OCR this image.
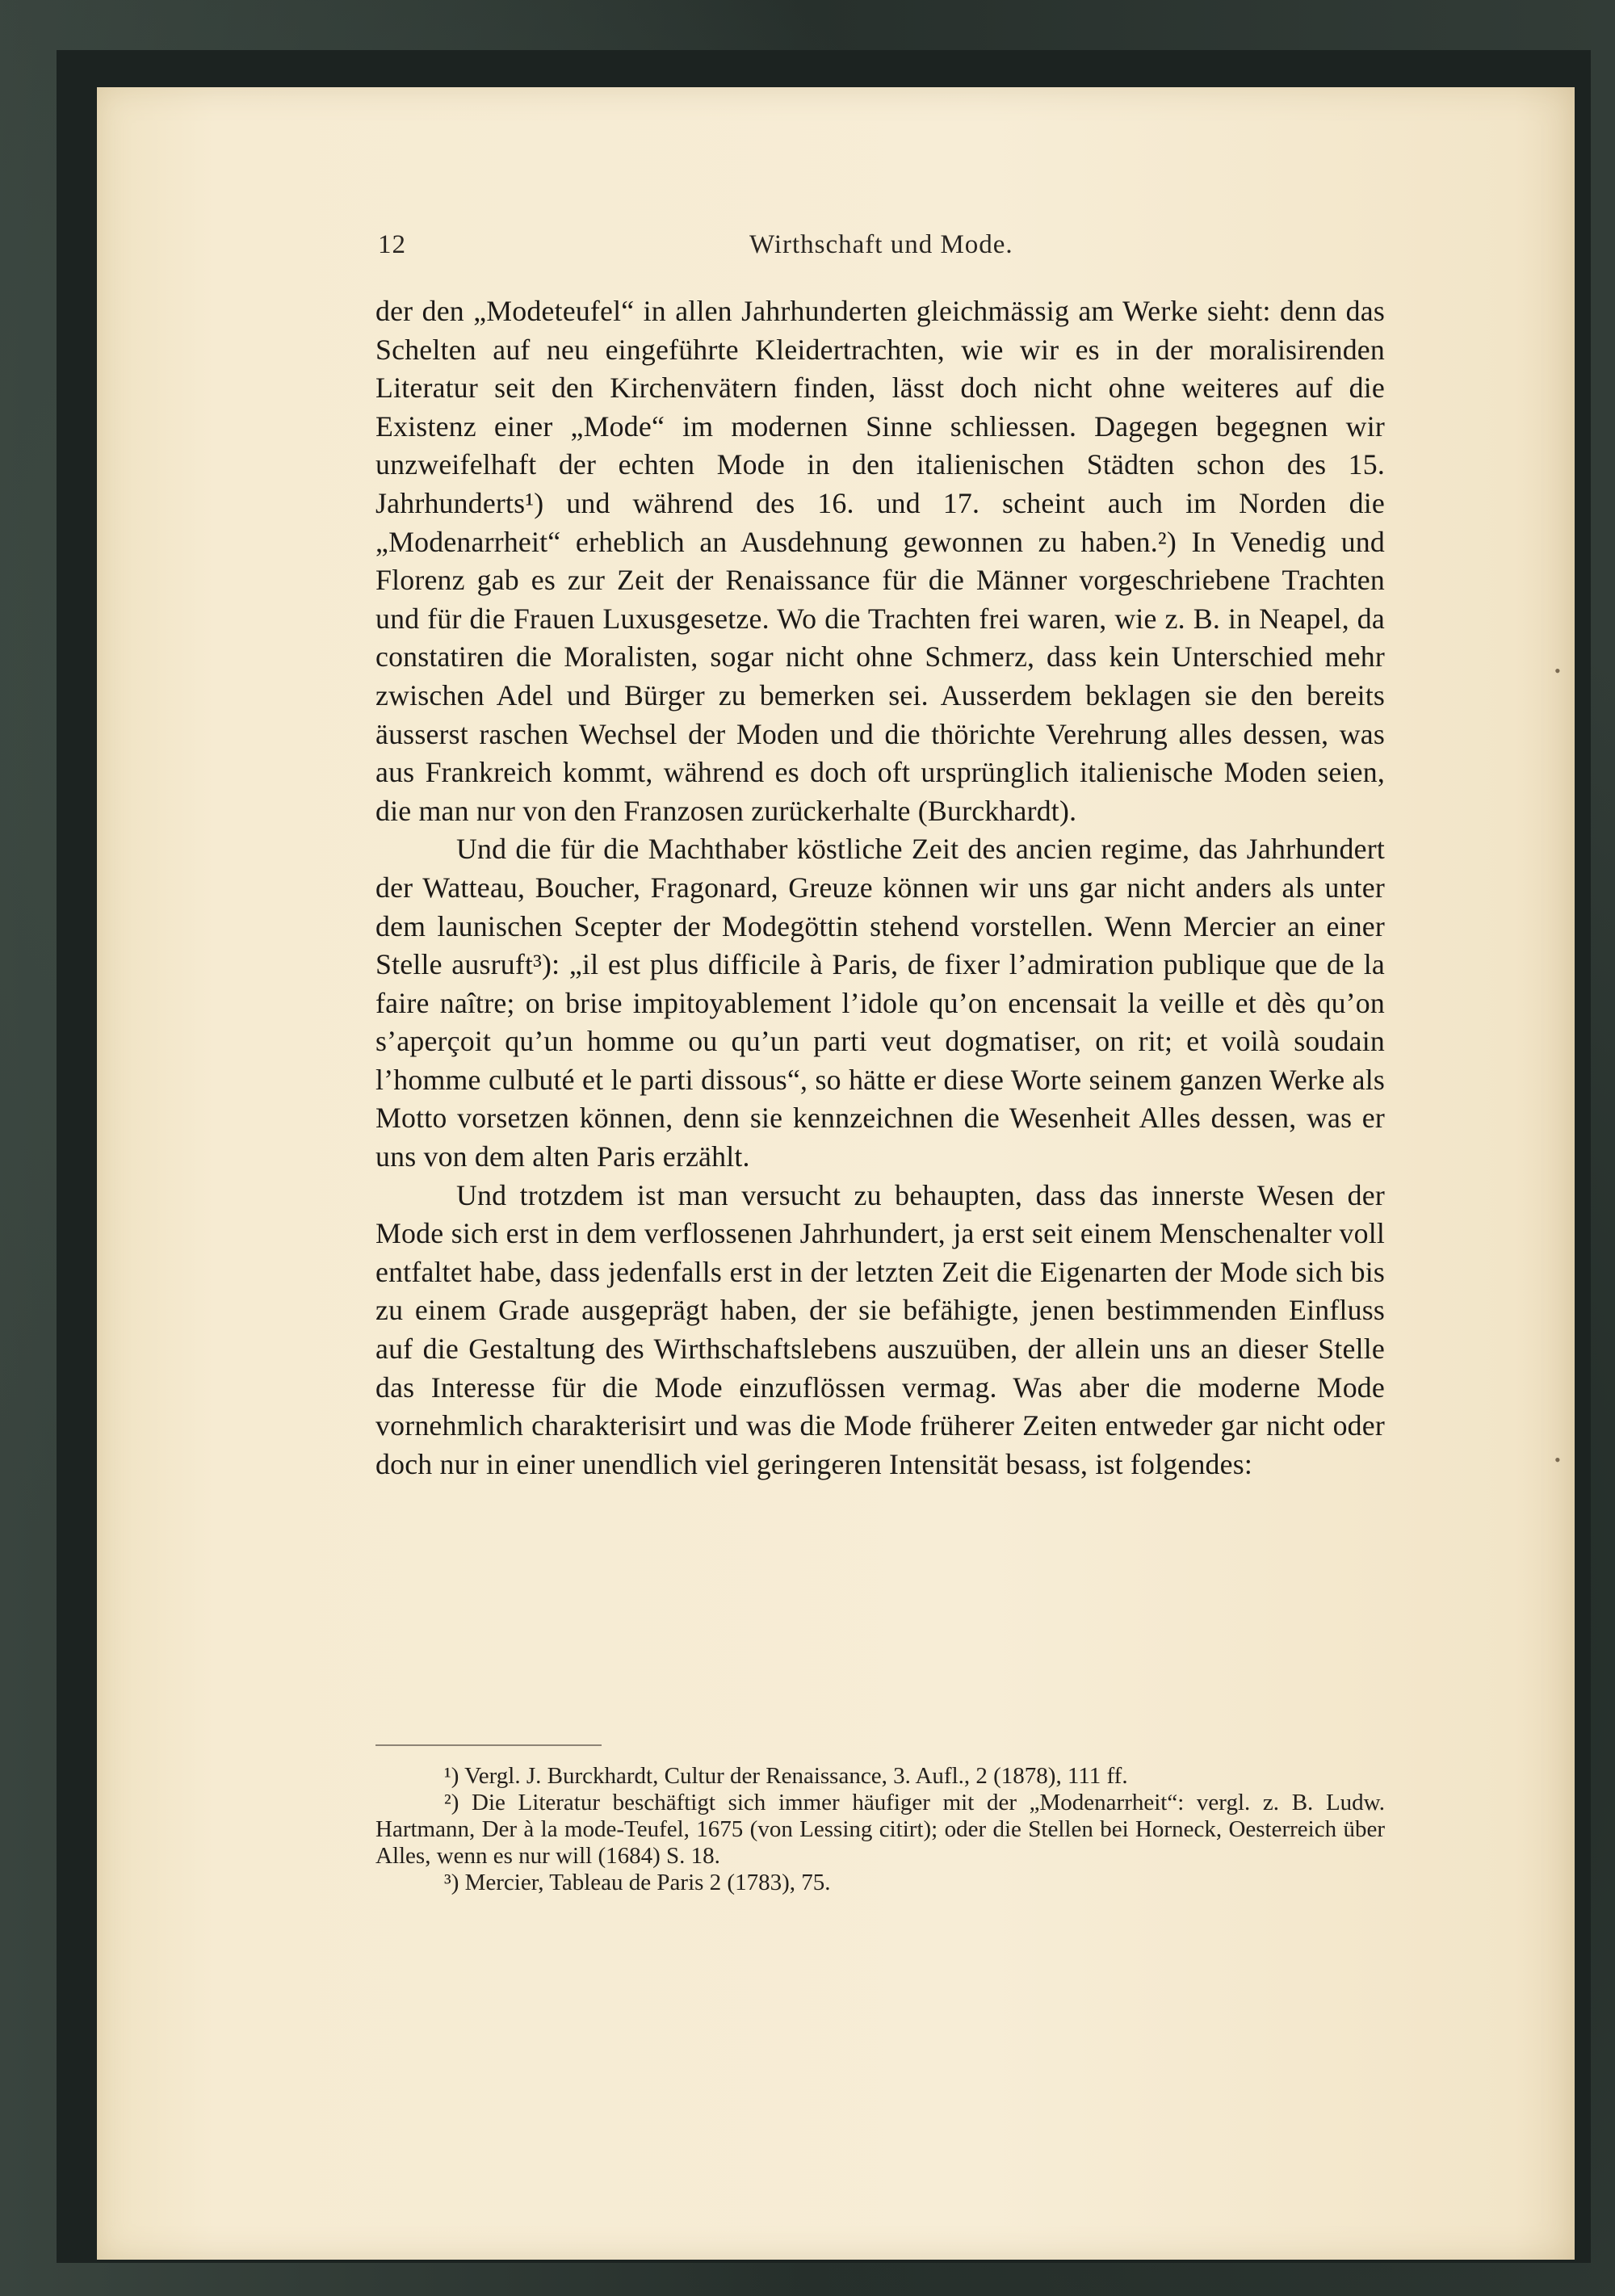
12	Wirthschaft und Mode.

der den „Modeteufel“ in allen Jahrhunderten gleichmässig am Werke sieht: denn das Schelten auf neu eingeführte Kleidertrachten, wie wir es in der moralisirenden Literatur seit den Kirchenvätern finden, lässt doch nicht ohne weiteres auf die Existenz einer „Mode“ im modernen Sinne schliessen. Dagegen begegnen wir unzweifelhaft der echten Mode in den italienischen Städten schon des 15. Jahrhunderts¹) und während des 16. und 17. scheint auch im Norden die „Modenarrheit“ erheblich an Ausdehnung gewonnen zu haben.²) In Venedig und Florenz gab es zur Zeit der Renaissance für die Männer vorgeschriebene Trachten und für die Frauen Luxusgesetze. Wo die Trachten frei waren, wie z. B. in Neapel, da constatiren die Moralisten, sogar nicht ohne Schmerz, dass kein Unterschied mehr zwischen Adel und Bürger zu bemerken sei. Ausserdem beklagen sie den bereits äusserst raschen Wechsel der Moden und die thörichte Verehrung alles dessen, was aus Frankreich kommt, während es doch oft ursprünglich italienische Moden seien, die man nur von den Franzosen zurückerhalte (Burckhardt).

Und die für die Machthaber köstliche Zeit des ancien regime, das Jahrhundert der Watteau, Boucher, Fragonard, Greuze können wir uns gar nicht anders als unter dem launischen Scepter der Modegöttin stehend vorstellen. Wenn Mercier an einer Stelle ausruft³): „il est plus difficile à Paris, de fixer l’admiration publique que de la faire naître; on brise impitoyablement l’idole qu’on encensait la veille et dès qu’on s’aperçoit qu’un homme ou qu’un parti veut dogmatiser, on rit; et voilà soudain l’homme culbuté et le parti dissous“, so hätte er diese Worte seinem ganzen Werke als Motto vorsetzen können, denn sie kennzeichnen die Wesenheit Alles dessen, was er uns von dem alten Paris erzählt.

Und trotzdem ist man versucht zu behaupten, dass das innerste Wesen der Mode sich erst in dem verflossenen Jahrhundert, ja erst seit einem Menschenalter voll entfaltet habe, dass jedenfalls erst in der letzten Zeit die Eigenarten der Mode sich bis zu einem Grade ausgeprägt haben, der sie befähigte, jenen bestimmenden Einfluss auf die Gestaltung des Wirthschaftslebens auszuüben, der allein uns an dieser Stelle das Interesse für die Mode einzuflössen vermag. Was aber die moderne Mode vornehmlich charakterisirt und was die Mode früherer Zeiten entweder gar nicht oder doch nur in einer unendlich viel geringeren Intensität besass, ist folgendes:

¹) Vergl. J. Burckhardt, Cultur der Renaissance, 3. Aufl., 2 (1878), 111 ff.

²) Die Literatur beschäftigt sich immer häufiger mit der „Modenarrheit“: vergl. z. B. Ludw. Hartmann, Der à la mode-Teufel, 1675 (von Lessing citirt); oder die Stellen bei Horneck, Oesterreich über Alles, wenn es nur will (1684) S. 18.

³) Mercier, Tableau de Paris 2 (1783), 75.

•
•
